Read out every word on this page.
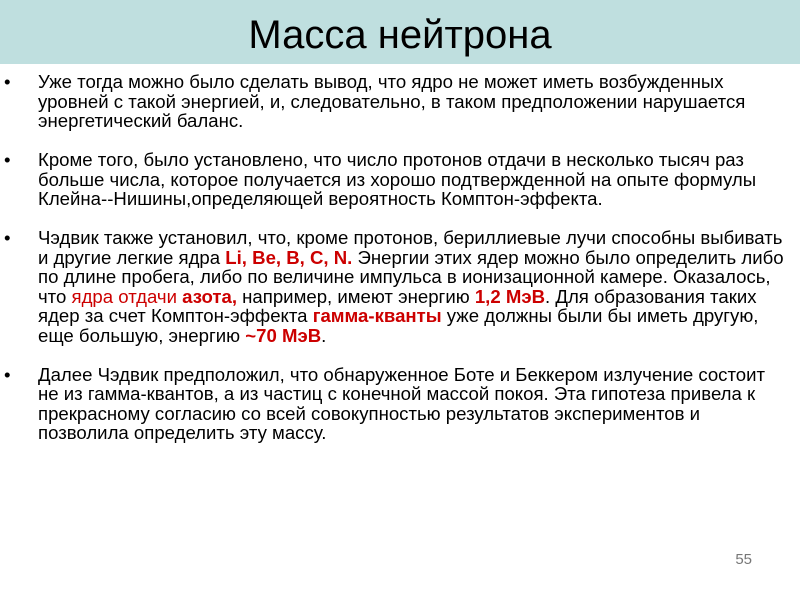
Масса нейтрона
• Уже тогда можно было сделать вывод, что ядро не может иметь возбужденных уровней с такой энергией, и, следовательно, в таком предположении нарушается энергетический баланс.
• Кроме того, было установлено, что число протонов отдачи в несколько тысяч раз больше числа, которое получается из хорошо подтвержденной на опыте формулы Клейна--Нишины,определяющей вероятность Комптон-эффекта.
• Чэдвик также установил, что, кроме протонов, бериллиевые лучи способны выбивать и другие легкие ядра Li, Be, B, C, N. Энергии этих ядер можно было определить либо по длине пробега, либо по величине импульса в ионизационной камере. Оказалось, что ядра отдачи азота, например, имеют энергию 1,2 МэВ. Для образования таких ядер за счет Комптон-эффекта гамма-кванты уже должны были бы иметь другую, еще большую, энергию ~70 МэВ.
• Далее Чэдвик предположил, что обнаруженное Боте и Беккером излучение состоит не из гамма-квантов, а из частиц с конечной массой покоя. Эта гипотеза привела к прекрасному согласию со всей совокупностью результатов экспериментов и позволила определить эту массу.
55
